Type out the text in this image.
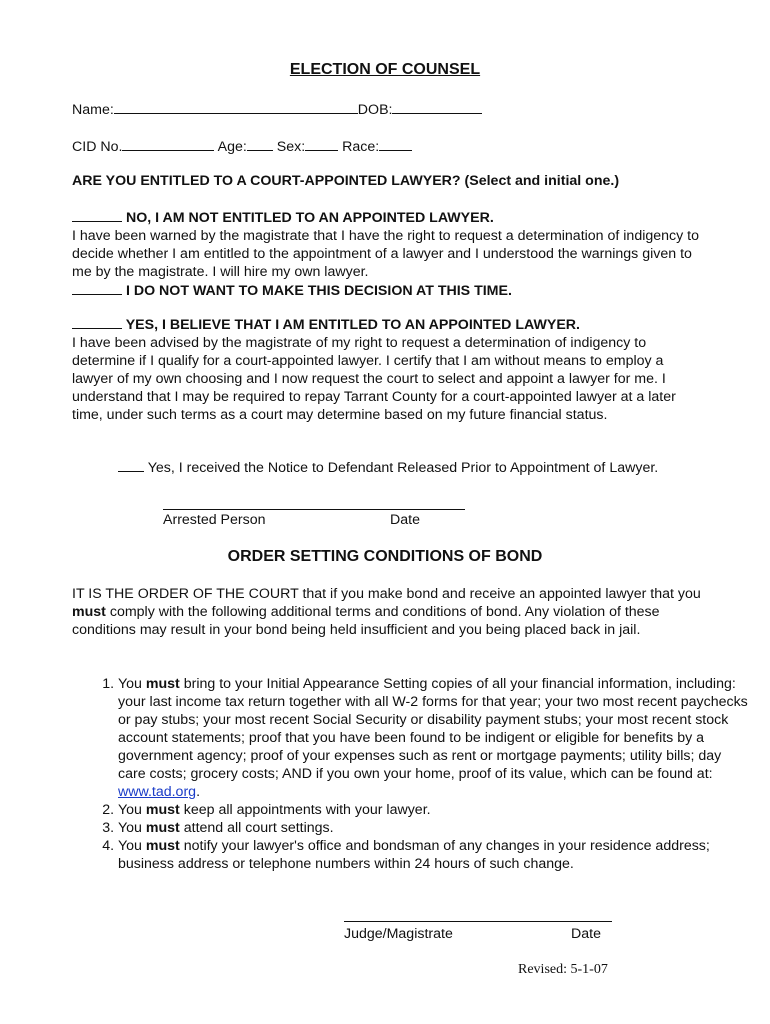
ELECTION OF COUNSEL
Name:	DOB:
CID No.	Age: Sex:	Race:
ARE YOU ENTITLED TO A COURT-APPOINTED LAWYER? (Select and initial one.)
NO, I AM NOT ENTITLED TO AN APPOINTED LAWYER.
I have been warned by the magistrate that I have the right to request a determination of indigency to decide whether I am entitled to the appointment of a lawyer and I understood the warnings given to me by the magistrate. I will hire my own lawyer.
I DO NOT WANT TO MAKE THIS DECISION AT THIS TIME.
YES, I BELIEVE THAT I AM ENTITLED TO AN APPOINTED LAWYER.
I have been advised by the magistrate of my right to request a determination of indigency to determine if I qualify for a court-appointed lawyer. I certify that I am without means to employ a lawyer of my own choosing and I now request the court to select and appoint a lawyer for me. I understand that I may be required to repay Tarrant County for a court-appointed lawyer at a later time, under such terms as a court may determine based on my future financial status.
Yes, I received the Notice to Defendant Released Prior to Appointment of Lawyer.
Arrested Person	Date
ORDER SETTING CONDITIONS OF BOND
IT IS THE ORDER OF THE COURT that if you make bond and receive an appointed lawyer that you must comply with the following additional terms and conditions of bond. Any violation of these conditions may result in your bond being held insufficient and you being placed back in jail.
1. You must bring to your Initial Appearance Setting copies of all your financial information, including: your last income tax return together with all W-2 forms for that year; your two most recent paychecks or pay stubs; your most recent Social Security or disability payment stubs; your most recent stock account statements; proof that you have been found to be indigent or eligible for benefits by a government agency; proof of your expenses such as rent or mortgage payments; utility bills; day care costs; grocery costs; AND if you own your home, proof of its value, which can be found at: www.tad.org.
2. You must keep all appointments with your lawyer.
3. You must attend all court settings.
4. You must notify your lawyer's office and bondsman of any changes in your residence address; business address or telephone numbers within 24 hours of such change.
Judge/Magistrate	Date
Revised: 5-1-07
